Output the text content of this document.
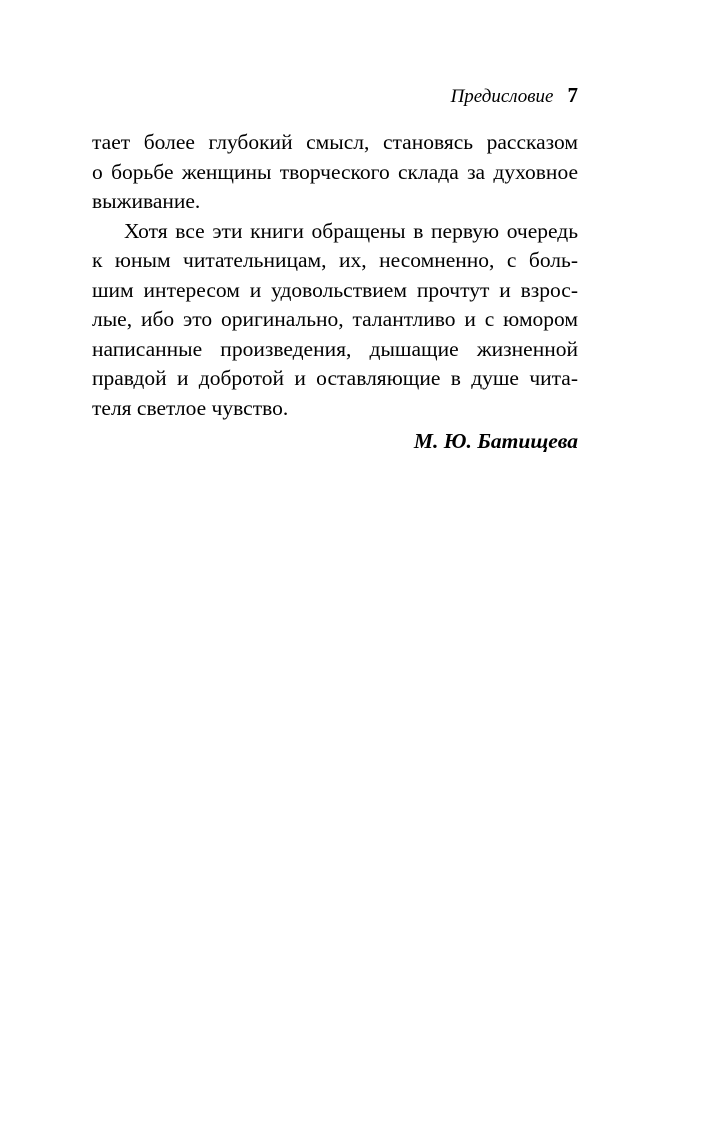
Предисловие 7
тает более глубокий смысл, становясь рассказом
о борьбе женщины творческого склада за духовное
выживание.
Хотя все эти книги обращены в первую очередь
к юным читательницам, их, несомненно, с боль-
шим интересом и удовольствием прочтут и взрос-
лые, ибо это оригинально, талантливо и с юмором
написанные произведения, дышащие жизненной
правдой и добротой и оставляющие в душе чита-
теля светлое чувство.
М. Ю. Батищева
